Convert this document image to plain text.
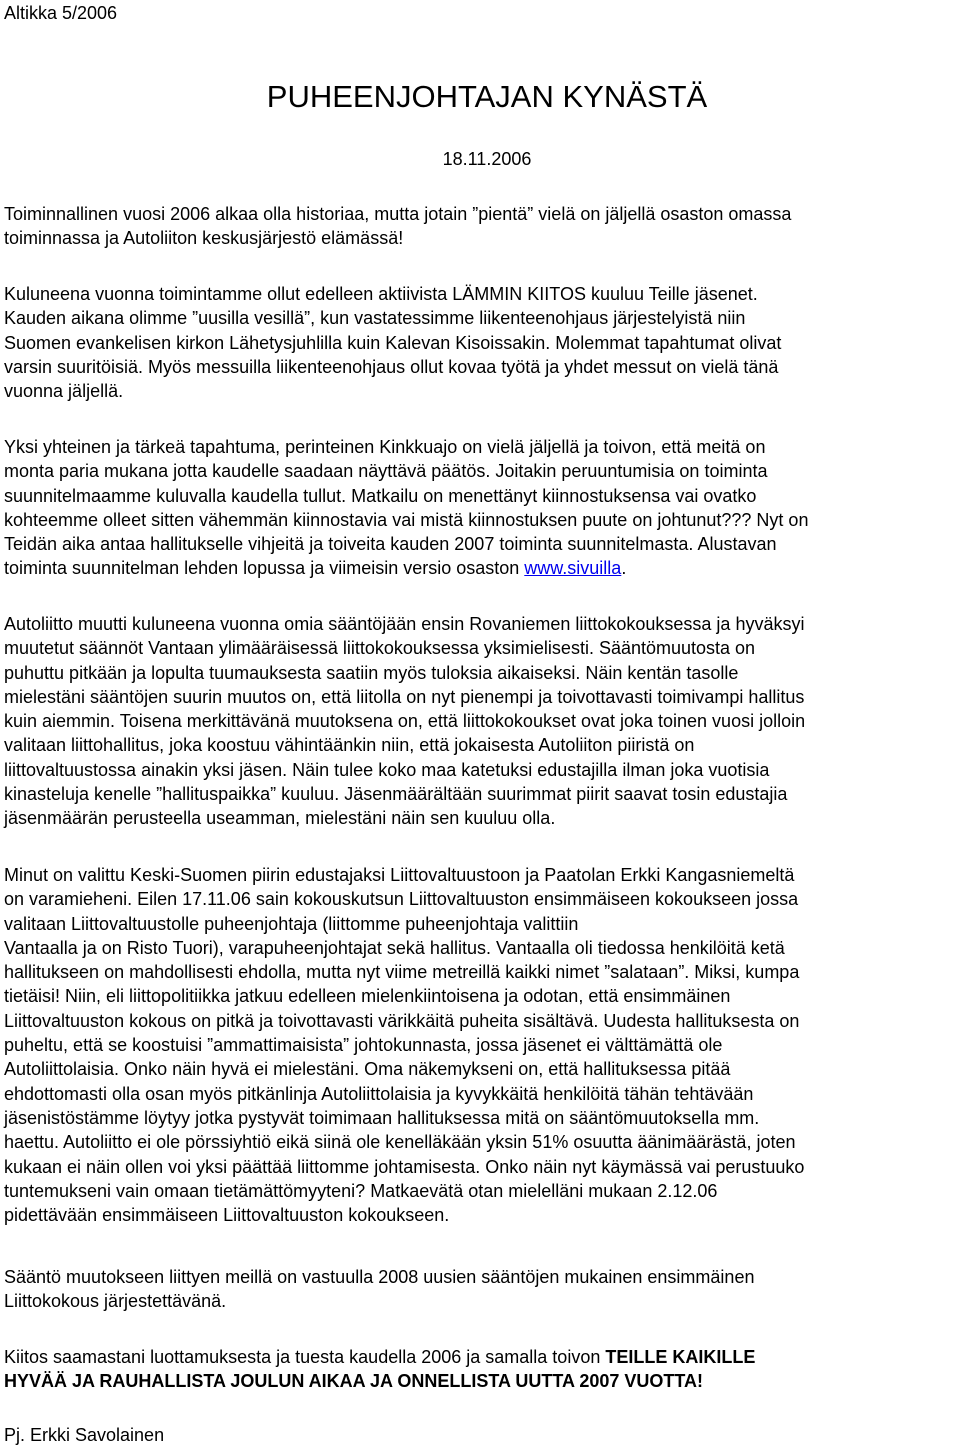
Altikka 5/2006
PUHEENJOHTAJAN KYNÄSTÄ
18.11.2006

Toiminnallinen vuosi 2006 alkaa olla historiaa, mutta jotain ”pientä” vielä on jäljellä osaston omassa
toiminnassa ja Autoliiton keskusjärjestö elämässä!

Kuluneena vuonna toimintamme ollut edelleen aktiivista LÄMMIN KIITOS kuuluu Teille jäsenet.
Kauden aikana olimme ”uusilla vesillä”, kun vastatessimme liikenteenohjaus järjestelyistä niin
Suomen evankelisen kirkon Lähetysjuhlilla kuin Kalevan Kisoissakin. Molemmat tapahtumat olivat
varsin suuritöisiä. Myös messuilla liikenteenohjaus ollut kovaa työtä ja yhdet messut on vielä tänä
vuonna jäljellä.

Yksi yhteinen ja tärkeä tapahtuma, perinteinen Kinkkuajo on vielä jäljellä ja toivon, että meitä on
monta paria mukana jotta kaudelle saadaan näyttävä päätös. Joitakin peruuntumisia on toiminta
suunnitelmaamme kuluvalla kaudella tullut. Matkailu on menettänyt kiinnostuksensa vai ovatko
kohteemme olleet sitten vähemmän kiinnostavia vai mistä kiinnostuksen puute on johtunut??? Nyt on
Teidän aika antaa hallitukselle vihjeitä ja toiveita kauden 2007 toiminta suunnitelmasta. Alustavan
toiminta suunnitelman lehden lopussa ja viimeisin versio osaston www.sivuilla.

Autoliitto muutti kuluneena vuonna omia sääntöjään ensin Rovaniemen liittokokouksessa ja hyväksyi
muutetut säännöt Vantaan ylimääräisessä liittokokouksessa yksimielisesti. Sääntömuutosta on
puhuttu pitkään ja lopulta tuumauksesta saatiin myös tuloksia aikaiseksi. Näin kentän tasolle
mielestäni sääntöjen suurin muutos on, että liitolla on nyt pienempi ja toivottavasti toimivampi hallitus
kuin aiemmin. Toisena merkittävänä muutoksena on, että liittokokoukset ovat joka toinen vuosi jolloin
valitaan liittohallitus, joka koostuu vähintäänkin niin, että jokaisesta Autoliiton piiristä on
liittovaltuustossa ainakin yksi jäsen. Näin tulee koko maa katetuksi edustajilla ilman joka vuotisia
kinasteluja kenelle ”hallituspaikka” kuuluu. Jäsenmäärältään suurimmat piirit saavat tosin edustajia
jäsenmäärän perusteella useamman, mielestäni näin sen kuuluu olla.

Minut on valittu Keski-Suomen piirin edustajaksi Liittovaltuustoon ja Paatolan Erkki Kangasniemeltä
on varamieheni. Eilen 17.11.06 sain kokouskutsun Liittovaltuuston ensimmäiseen kokoukseen jossa
valitaan Liittovaltuustolle puheenjohtaja (liittomme puheenjohtaja valittiin
Vantaalla ja on Risto Tuori), varapuheenjohtajat sekä hallitus. Vantaalla oli tiedossa henkilöitä ketä
hallitukseen on mahdollisesti ehdolla, mutta nyt viime metreillä kaikki nimet ”salataan”. Miksi, kumpa
tietäisi! Niin, eli liittopolitiikka jatkuu edelleen mielenkiintoisena ja odotan, että ensimmäinen
Liittovaltuuston kokous on pitkä ja toivottavasti värikkäitä puheita sisältävä. Uudesta hallituksesta on
puheltu, että se koostuisi ”ammattimaisista” johtokunnasta, jossa jäsenet ei välttämättä ole
Autoliittolaisia. Onko näin hyvä ei mielestäni. Oma näkemykseni on, että hallituksessa pitää
ehdottomasti olla osan myös pitkänlinja Autoliittolaisia ja kyvykkäitä henkilöitä tähän tehtävään
jäsenistöstämme löytyy jotka pystyvät toimimaan hallituksessa mitä on sääntömuutoksella mm.
haettu. Autoliitto ei ole pörssiyhtiö eikä siinä ole kenelläkään yksin 51% osuutta äänimäärästä, joten
kukaan ei näin ollen voi yksi päättää liittomme johtamisesta. Onko näin nyt käymässä vai perustuuko
tuntemukseni vain omaan tietämättömyyteni? Matkaevätä otan mielelläni mukaan 2.12.06
pidettävään ensimmäiseen Liittovaltuuston kokoukseen.

Sääntö muutokseen liittyen meillä on vastuulla 2008 uusien sääntöjen mukainen ensimmäinen
Liittokokous järjestettävänä.

Kiitos saamastani luottamuksesta ja tuesta kaudella 2006 ja samalla toivon TEILLE KAIKILLE
HYVÄÄ JA RAUHALLISTA JOULUN AIKAA JA ONNELLISTA UUTTA 2007 VUOTTA!

Pj. Erkki Savolainen
